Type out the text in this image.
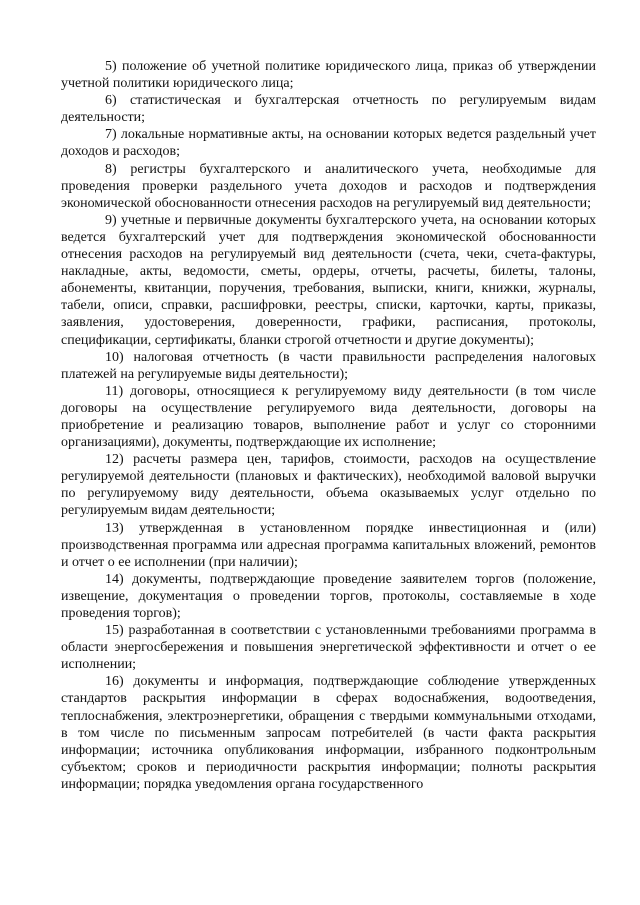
5) положение об учетной политике юридического лица, приказ об утверждении учетной политики юридического лица;

6) статистическая и бухгалтерская отчетность по регулируемым видам деятельности;

7) локальные нормативные акты, на основании которых ведется раздельный учет доходов и расходов;

8) регистры бухгалтерского и аналитического учета, необходимые для проведения проверки раздельного учета доходов и расходов и подтверждения экономической обоснованности отнесения расходов на регулируемый вид деятельности;

9) учетные и первичные документы бухгалтерского учета, на основании которых ведется бухгалтерский учет для подтверждения экономической обоснованности отнесения расходов на регулируемый вид деятельности (счета, чеки, счета-фактуры, накладные, акты, ведомости, сметы, ордеры, отчеты, расчеты, билеты, талоны, абонементы, квитанции, поручения, требования, выписки, книги, книжки, журналы, табели, описи, справки, расшифровки, реестры, списки, карточки, карты, приказы, заявления, удостоверения, доверенности, графики, расписания, протоколы, спецификации, сертификаты, бланки строгой отчетности и другие документы);

10) налоговая отчетность (в части правильности распределения налоговых платежей на регулируемые виды деятельности);

11) договоры, относящиеся к регулируемому виду деятельности (в том числе договоры на осуществление регулируемого вида деятельности, договоры на приобретение и реализацию товаров, выполнение работ и услуг со сторонними организациями), документы, подтверждающие их исполнение;

12) расчеты размера цен, тарифов, стоимости, расходов на осуществление регулируемой деятельности (плановых и фактических), необходимой валовой выручки по регулируемому виду деятельности, объема оказываемых услуг отдельно по регулируемым видам деятельности;

13) утвержденная в установленном порядке инвестиционная и (или) производственная программа или адресная программа капитальных вложений, ремонтов и отчет о ее исполнении (при наличии);

14) документы, подтверждающие проведение заявителем торгов (положение, извещение, документация о проведении торгов, протоколы, составляемые в ходе проведения торгов);

15) разработанная в соответствии с установленными требованиями программа в области энергосбережения и повышения энергетической эффективности и отчет о ее исполнении;

16) документы и информация, подтверждающие соблюдение утвержденных стандартов раскрытия информации в сферах водоснабжения, водоотведения, теплоснабжения, электроэнергетики, обращения с твердыми коммунальными отходами, в том числе по письменным запросам потребителей (в части факта раскрытия информации; источника опубликования информации, избранного подконтрольным субъектом; сроков и периодичности раскрытия информации; полноты раскрытия информации; порядка уведомления органа государственного
